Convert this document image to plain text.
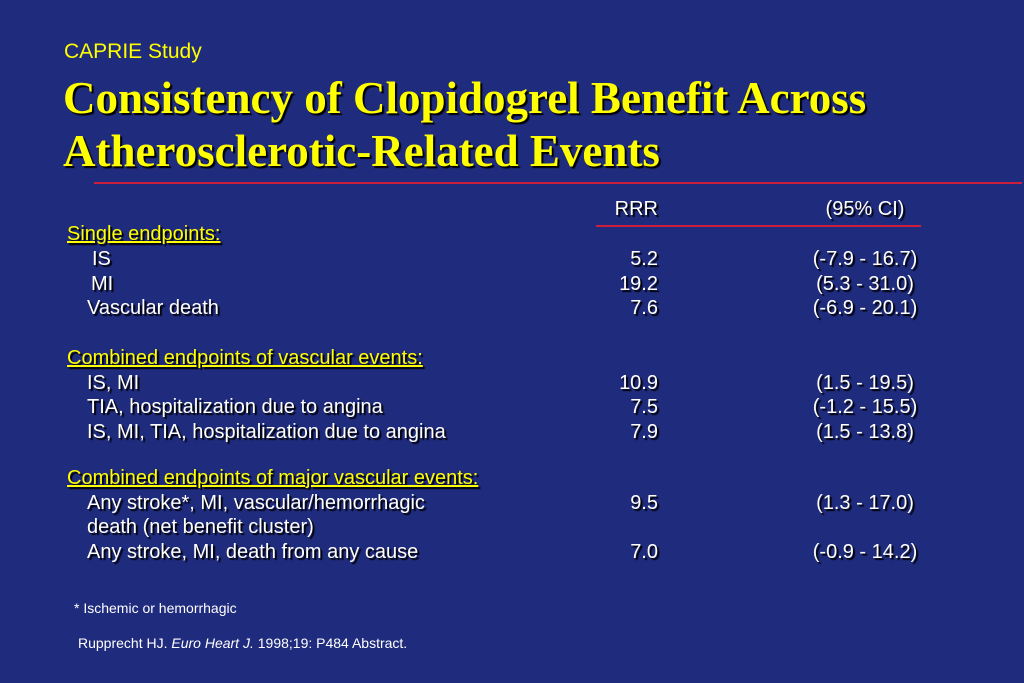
CAPRIE Study
Consistency of Clopidogrel Benefit Across Atherosclerotic-Related Events
RRR	(95% CI)
Single endpoints:
IS	5.2	(-7.9 - 16.7)
MI	19.2	(5.3 - 31.0)
Vascular death	7.6	(-6.9 - 20.1)
Combined endpoints of vascular events:
IS, MI	10.9	(1.5 - 19.5)
TIA, hospitalization due to angina	7.5	(-1.2 - 15.5)
IS, MI, TIA, hospitalization due to angina	7.9	(1.5 - 13.8)
Combined endpoints of major vascular events:
Any stroke*, MI, vascular/hemorrhagic	9.5	(1.3 - 17.0)
death (net benefit cluster)
Any stroke, MI, death from any cause	7.0	(-0.9 - 14.2)
* Ischemic or hemorrhagic
Rupprecht HJ. Euro Heart J. 1998;19: P484 Abstract.
